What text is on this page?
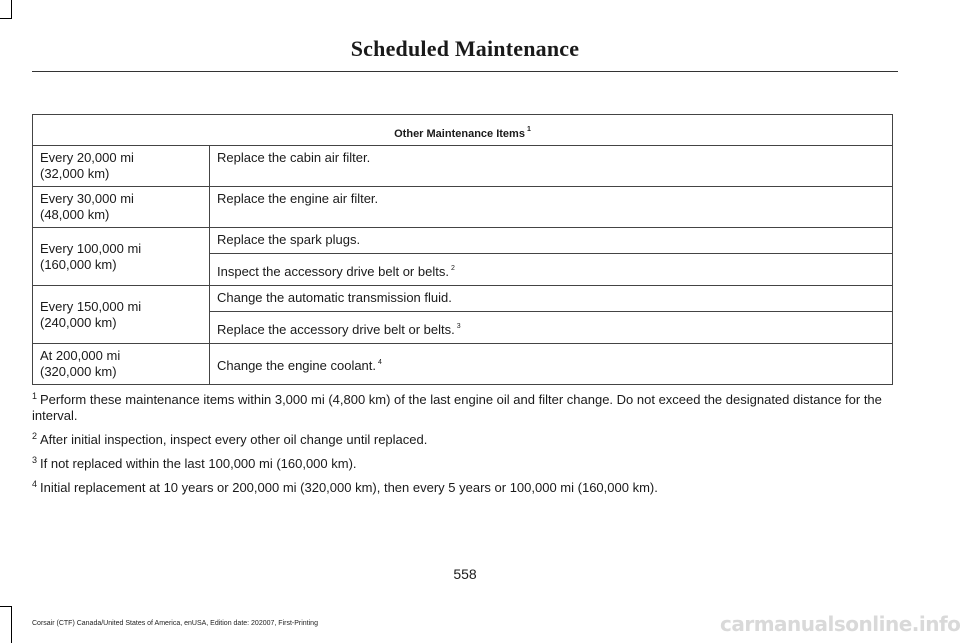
Scheduled Maintenance
Other Maintenance Items $^1$

Every 20,000 mi
(32,000 km)	Replace the cabin air filter.

Every 30,000 mi
(48,000 km)	Replace the engine air filter.

Every 100,000 mi
(160,000 km)	Replace the spark plugs.
	Inspect the accessory drive belt or belts. $^2$

Every 150,000 mi
(240,000 km)	Change the automatic transmission fluid.
	Replace the accessory drive belt or belts. $^3$

At 200,000 mi
(320,000 km)	Change the engine coolant. $^4$

$^1$ Perform these maintenance items within 3,000 mi (4,800 km) of the last engine oil and filter change. Do not exceed the designated distance for the interval.

$^2$ After initial inspection, inspect every other oil change until replaced.

$^3$ If not replaced within the last 100,000 mi (160,000 km).

$^4$ Initial replacement at 10 years or 200,000 mi (320,000 km), then every 5 years or 100,000 mi (160,000 km).

558
Corsair (CTF) Canada/United States of America, enUSA, Edition date: 202007, First-Printing	carmanualsonline.info
